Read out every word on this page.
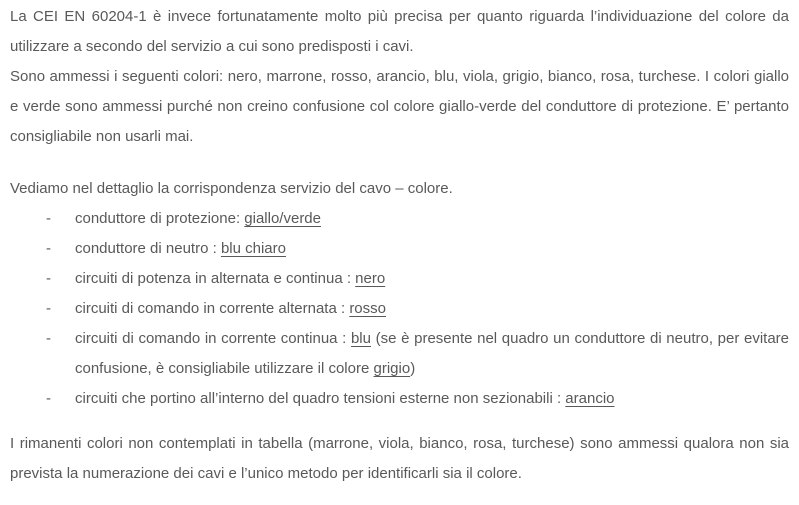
La CEI EN 60204-1 è invece fortunatamente molto più precisa per quanto riguarda l’individuazione del colore da utilizzare a secondo del servizio a cui sono predisposti i cavi.

Sono ammessi i seguenti colori: nero, marrone, rosso, arancio, blu, viola, grigio, bianco, rosa, turchese. I colori giallo e verde sono ammessi purché non creino confusione col colore giallo-verde del conduttore di protezione. E’ pertanto consigliabile non usarli mai.

Vediamo nel dettaglio la corrispondenza servizio del cavo – colore.

- conduttore di protezione: giallo/verde
- conduttore di neutro : blu chiaro
- circuiti di potenza in alternata e continua : nero
- circuiti di comando in corrente alternata : rosso
- circuiti di comando in corrente continua : blu (se è presente nel quadro un conduttore di neutro, per evitare confusione, è consigliabile utilizzare il colore grigio)
- circuiti che portino all’interno del quadro tensioni esterne non sezionabili : arancio

I rimanenti colori non contemplati in tabella (marrone, viola, bianco, rosa, turchese) sono ammessi qualora non sia prevista la numerazione dei cavi e l’unico metodo per identificarli sia il colore.
